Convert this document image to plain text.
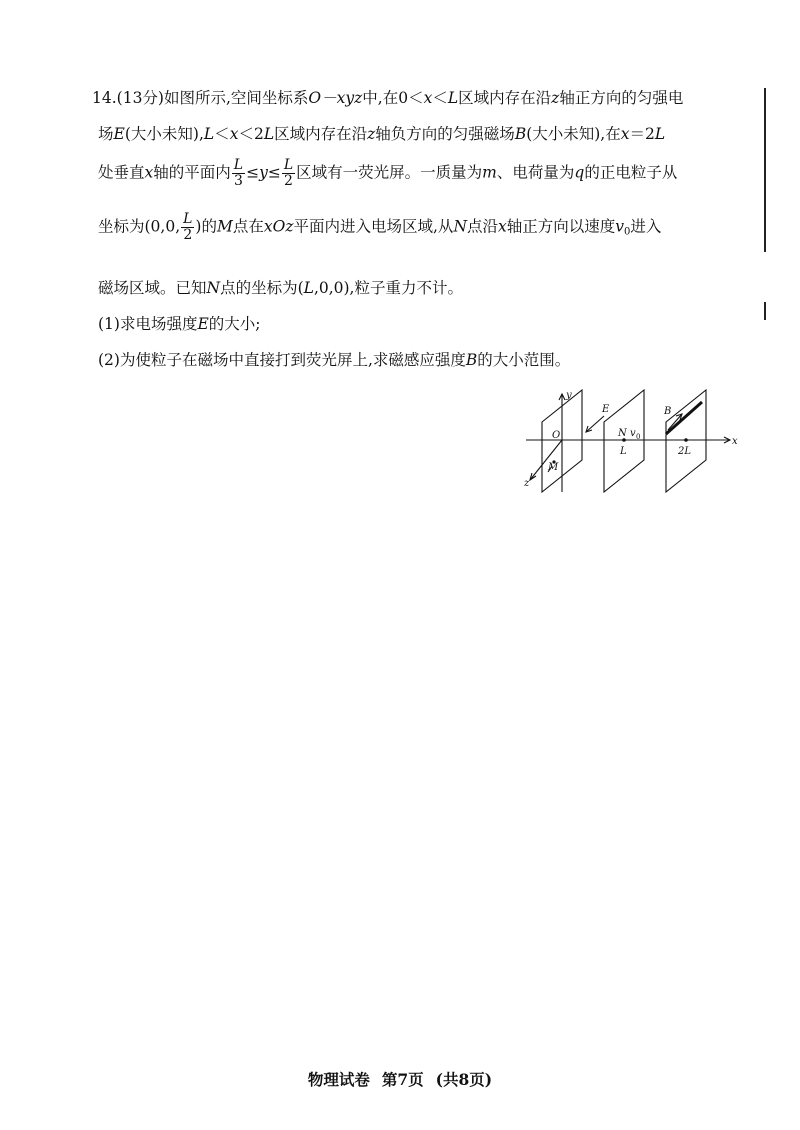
14.(13分)如图所示,空间坐标系O－xyz中,在0＜x＜L区域内存在沿z轴正方向的匀强电
场E(大小未知),L＜x＜2L区域内存在沿z轴负方向的匀强磁场B(大小未知),在x＝2L
处垂直x轴的平面内 $\frac{L}{3} \le y\le \frac{L}{2}$ 区域有一荧光屏。一质量为m、电荷量为q的正电粒子从
坐标为(0,0, $\frac{L}{2}$ )的M点在xOz平面内进入电场区域,从N点沿x轴正方向以速度$v_0$进入
磁场区域。已知N点的坐标为(L,0,0),粒子重力不计。
(1)求电场强度E的大小;
(2)为使粒子在磁场中直接打到荧光屏上,求磁感应强度B的大小范围。
y
O
E
N v 0
B
M
z
L	2L
x
物理试卷 第7页 (共8页)
